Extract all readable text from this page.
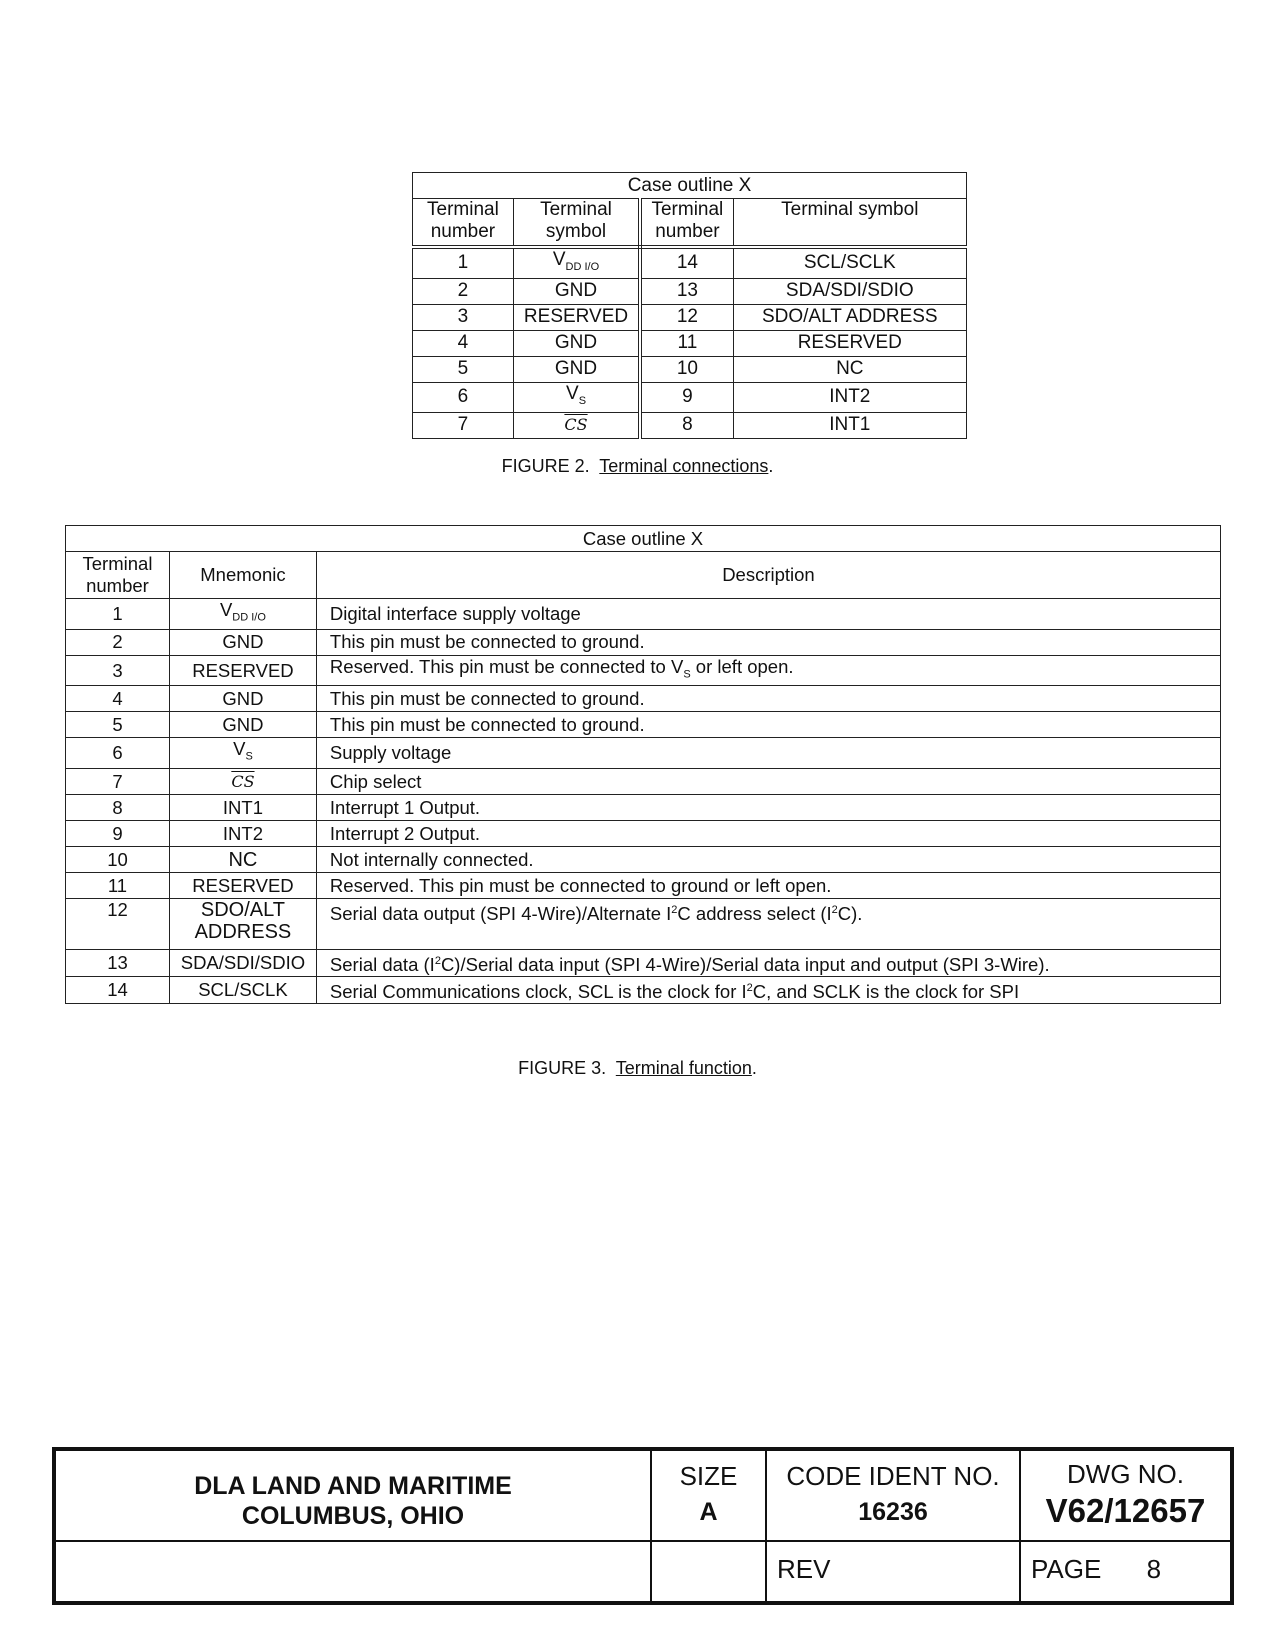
Case outline X			
Terminal number	Terminal symbol	Terminal number	Terminal symbol
1	$V_{DD I/O}$	14	SCL/SCLK
2	GND	13	SDA/SDI/SDIO
3	RESERVED	12	SDO/ALT ADDRESS
4	GND	11	RESERVED
5	GND	10	NC
6	$V_S$	9	INT2
7	$\overline{CS}$	8	INT1
FIGURE 2. Terminal connections.
Case outline X		
Terminal number	Mnemonic	Description
1	$V_{DD I/O}$	Digital interface supply voltage
2	GND	This pin must be connected to ground.
3	RESERVED	Reserved. This pin must be connected to $V_S$ or left open.
4	GND	This pin must be connected to ground.
5	GND	This pin must be connected to ground.
6	$V_S$	Supply voltage
7	$\overline{CS}$	Chip select
8	INT1	Interrupt 1 Output.
9	INT2	Interrupt 2 Output.
10	NC	Not internally connected.
11	RESERVED	Reserved. This pin must be connected to ground or left open.
12	SDO/ALT ADDRESS	Serial data output (SPI 4-Wire)/Alternate $I^2C$ address select $(I^2C)$.
13	SDA/SDI/SDIO	Serial data $(I^2C)$/Serial data input (SPI 4-Wire)/Serial data input and output (SPI 3-Wire).
14	SCL/SCLK	Serial Communications clock, SCL is the clock for $I^2C$, and SCLK is the clock for SPI
FIGURE 3. Terminal function.
DLA LAND AND MARITIME
COLUMBUS, OHIO
SIZE
A
CODE IDENT NO.
16236
DWG NO.
V62/12657
REV	PAGE 8
